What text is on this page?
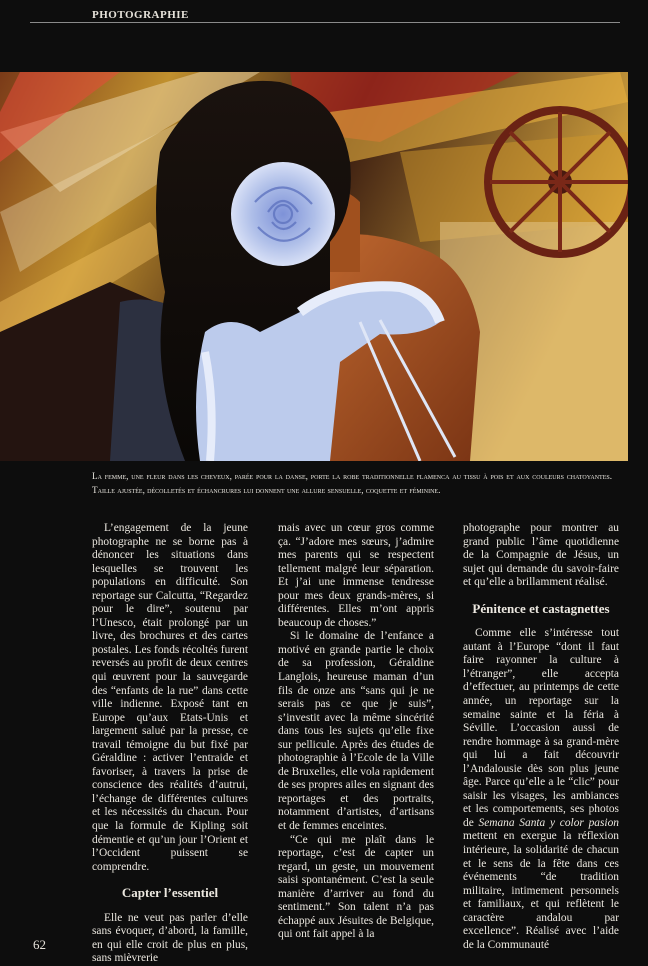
PHOTOGRAPHIE
La femme, une fleur dans les cheveux, parée pour la danse, porte la robe traditionnelle flamenca au tissu à pois et aux couleurs chatoyantes. Taille ajustée, décolletés et échancrures lui donnent une allure sensuelle, coquette et féminine.

L’engagement de la jeune photographe ne se borne pas à dénoncer les situations dans lesquelles se trouvent les populations en difficulté. Son reportage sur Calcutta, “Regardez pour le dire”, soutenu par l’Unesco, était prolongé par un livre, des brochures et des cartes postales. Les fonds récoltés furent reversés au profit de deux centres qui œuvrent pour la sauvegarde des “enfants de la rue” dans cette ville indienne. Exposé tant en Europe qu’aux Etats-Unis et largement salué par la presse, ce travail témoigne du but fixé par Géraldine : activer l’entraide et favoriser, à travers la prise de conscience des réalités d’autrui, l’échange de différentes cultures et les nécessités du chacun. Pour que la formule de Kipling soit démentie et qu’un jour l’Orient et l’Occident puissent se comprendre.

Capter l’essentiel

Elle ne veut pas parler d’elle sans évoquer, d’abord, la famille, en qui elle croit de plus en plus, sans mièvrerie

mais avec un cœur gros comme ça. “J’adore mes sœurs, j’admire mes parents qui se respectent tellement malgré leur séparation. Et j’ai une immense tendresse pour mes deux grands-mères, si différentes. Elles m’ont appris beaucoup de choses.”

Si le domaine de l’enfance a motivé en grande partie le choix de sa profession, Géraldine Langlois, heureuse maman d’un fils de onze ans “sans qui je ne serais pas ce que je suis”, s’investit avec la même sincérité dans tous les sujets qu’elle fixe sur pellicule. Après des études de photographie à l’Ecole de la Ville de Bruxelles, elle vola rapidement de ses propres ailes en signant des reportages et des portraits, notamment d’artistes, d’artisans et de femmes enceintes.

“Ce qui me plaît dans le reportage, c’est de capter un regard, un geste, un mouvement saisi spontanément. C’est la seule manière d’arriver au fond du sentiment.” Son talent n’a pas échappé aux Jésuites de Belgique, qui ont fait appel à la

photographe pour montrer au grand public l’âme quotidienne de la Compagnie de Jésus, un sujet qui demande du savoir-faire et qu’elle a brillamment réalisé.

Pénitence et castagnettes

Comme elle s’intéresse tout autant à l’Europe “dont il faut faire rayonner la culture à l’étranger”, elle accepta d’effectuer, au printemps de cette année, un reportage sur la semaine sainte et la féria à Séville. L’occasion aussi de rendre hommage à sa grand-mère qui lui a fait découvrir l’Andalousie dès son plus jeune âge. Parce qu’elle a le “clic” pour saisir les visages, les ambiances et les comportements, ses photos de Semana Santa y color pasion mettent en exergue la réflexion intérieure, la solidarité de chacun et le sens de la fête dans ces événements “de tradition militaire, intimement personnels et familiaux, et qui reflètent le caractère andalou par excellence”. Réalisé avec l’aide de la Communauté

62
